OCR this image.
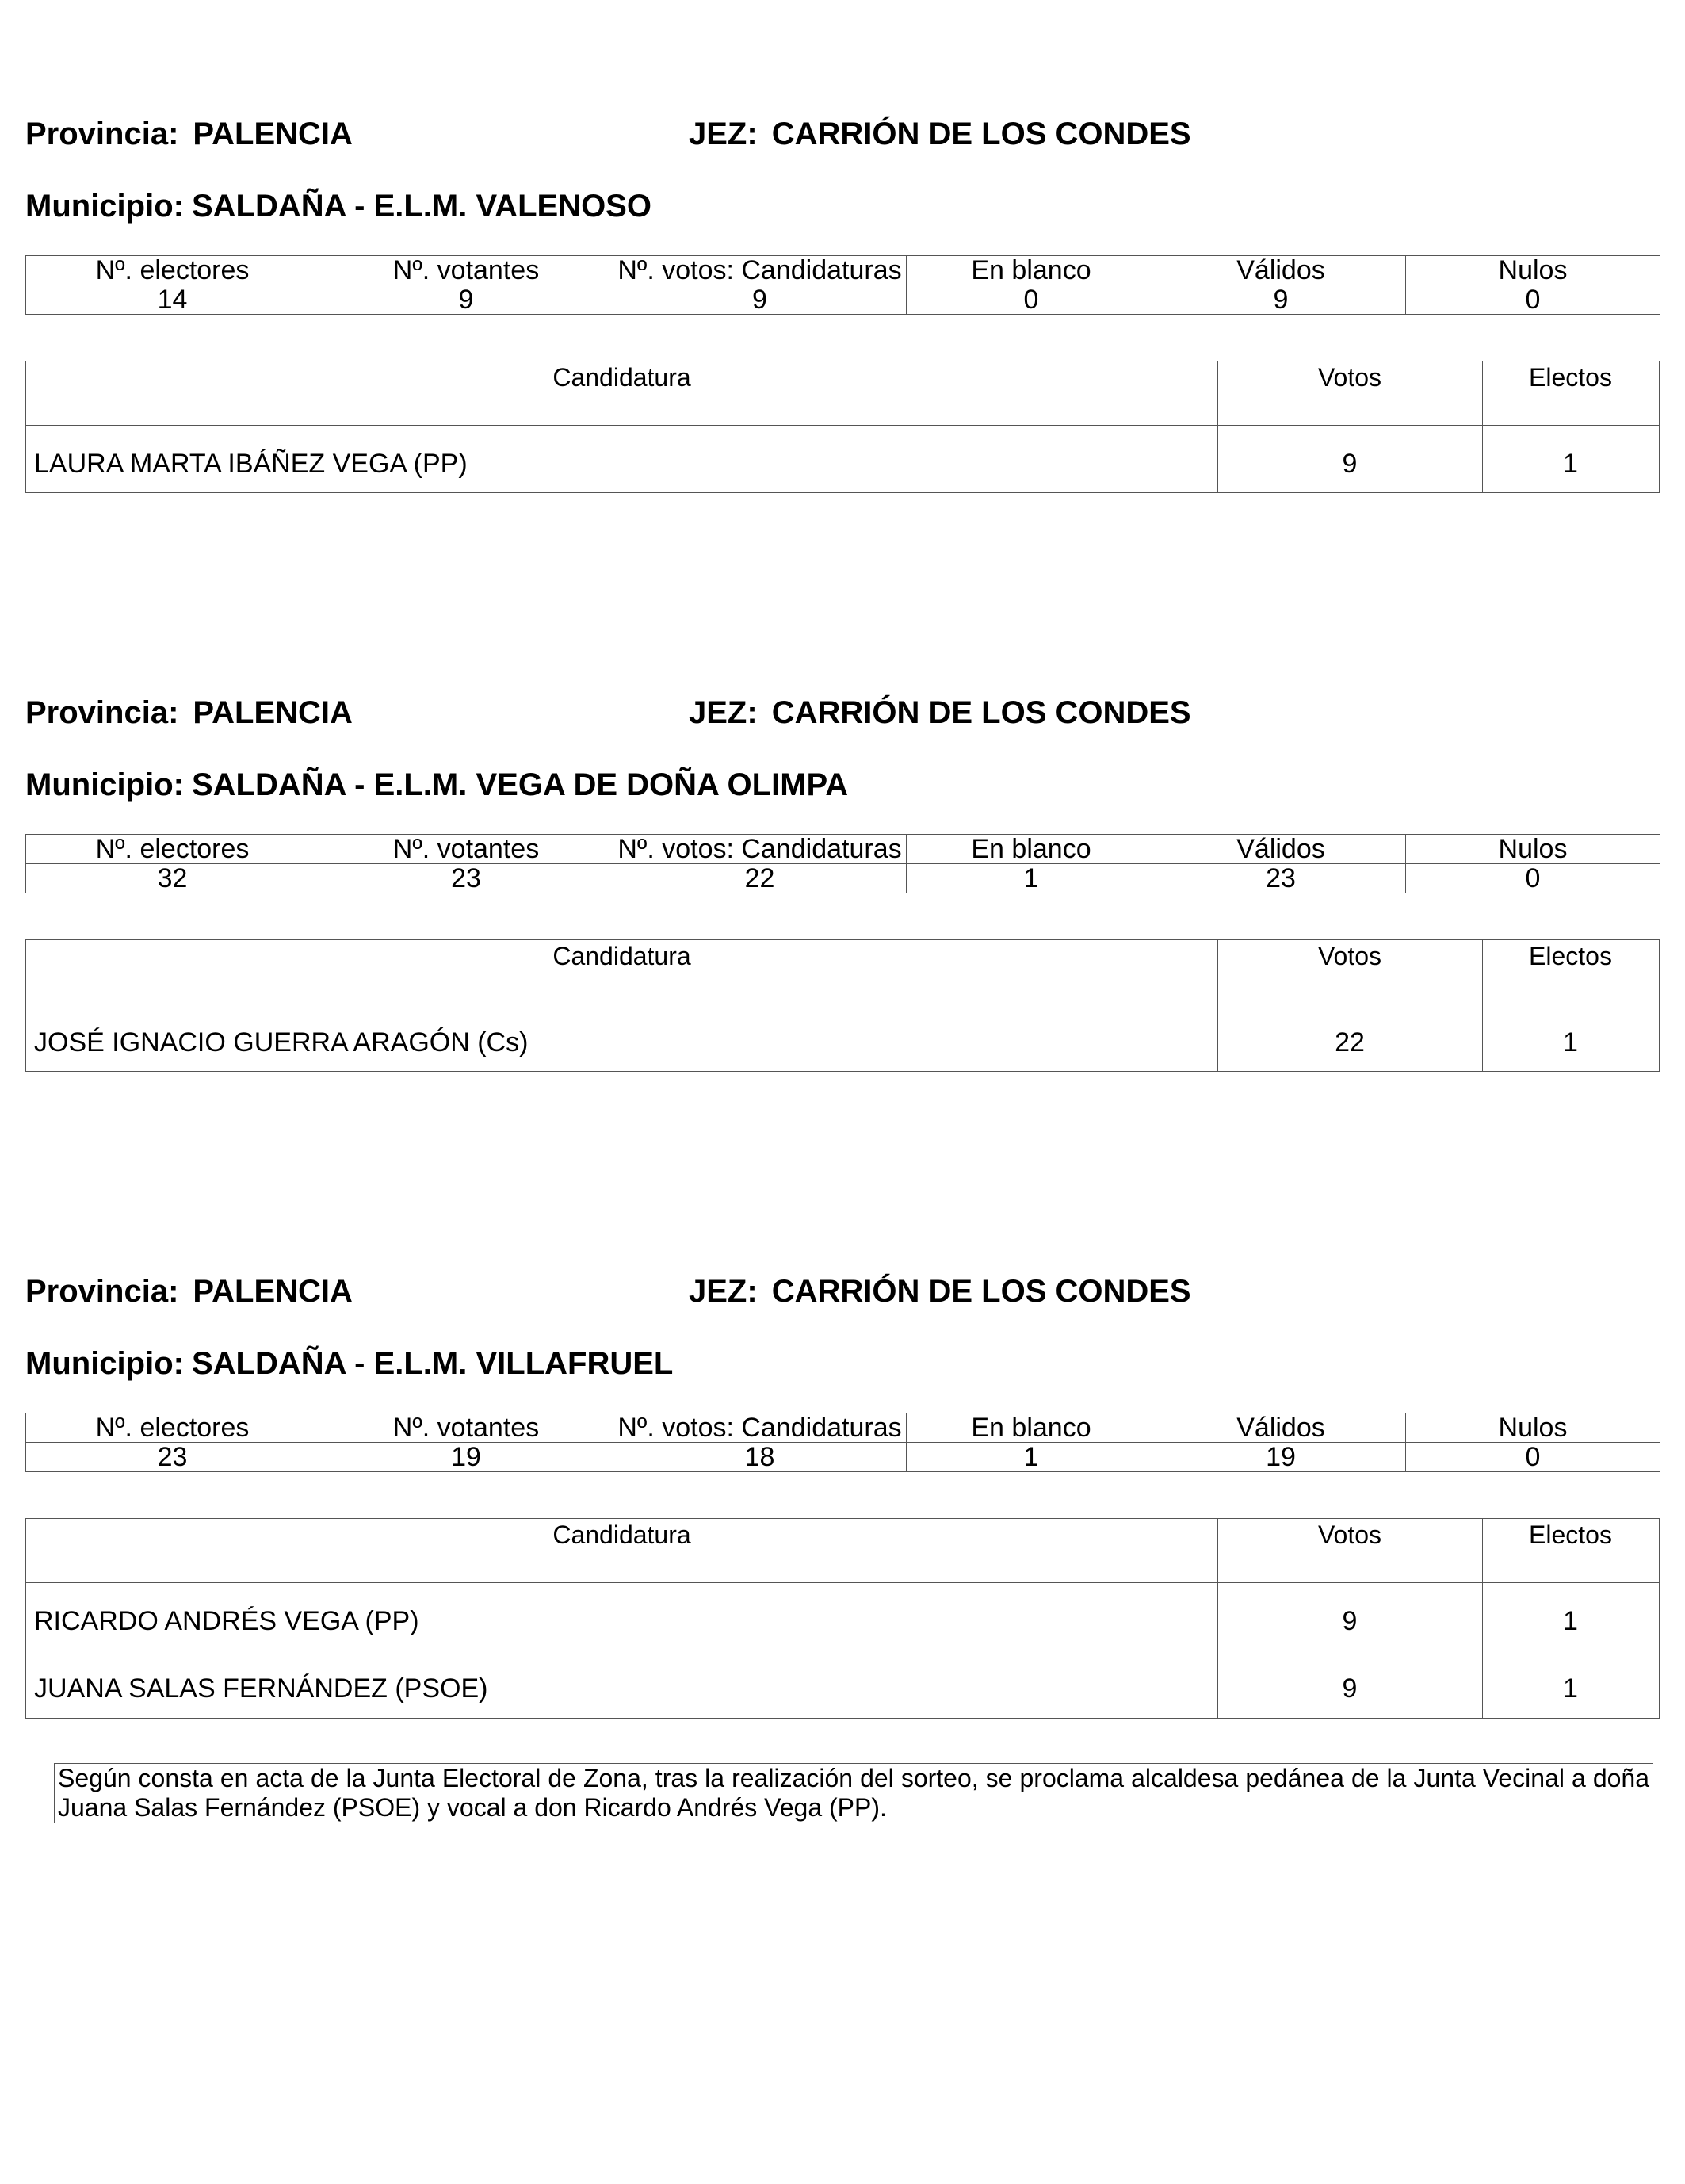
Provincia: PALENCIA	JEZ: CARRIÓN DE LOS CONDES
Municipio: SALDAÑA - E.L.M. VALENOSO
Nº. electores	Nº. votantes	Nº. votos: Candidaturas	En blanco	Válidos	Nulos
14	9	9	0	9	0
Candidatura	Votos	Electos
LAURA MARTA IBÁÑEZ VEGA (PP)	9	1
Provincia: PALENCIA	JEZ: CARRIÓN DE LOS CONDES
Municipio: SALDAÑA - E.L.M. VEGA DE DOÑA OLIMPA
Nº. electores	Nº. votantes	Nº. votos: Candidaturas	En blanco	Válidos	Nulos
32	23	22	1	23	0
Candidatura	Votos	Electos
JOSÉ IGNACIO GUERRA ARAGÓN (Cs)	22	1
Provincia: PALENCIA	JEZ: CARRIÓN DE LOS CONDES
Municipio: SALDAÑA - E.L.M. VILLAFRUEL
Nº. electores	Nº. votantes	Nº. votos: Candidaturas	En blanco	Válidos	Nulos
23	19	18	1	19	0
Candidatura	Votos	Electos
RICARDO ANDRÉS VEGA (PP)	9	1
JUANA SALAS FERNÁNDEZ (PSOE)	9	1
Según consta en acta de la Junta Electoral de Zona, tras la realización del sorteo, se proclama alcaldesa pedánea de la Junta Vecinal a doña Juana Salas Fernández (PSOE) y vocal a don Ricardo Andrés Vega (PP).
